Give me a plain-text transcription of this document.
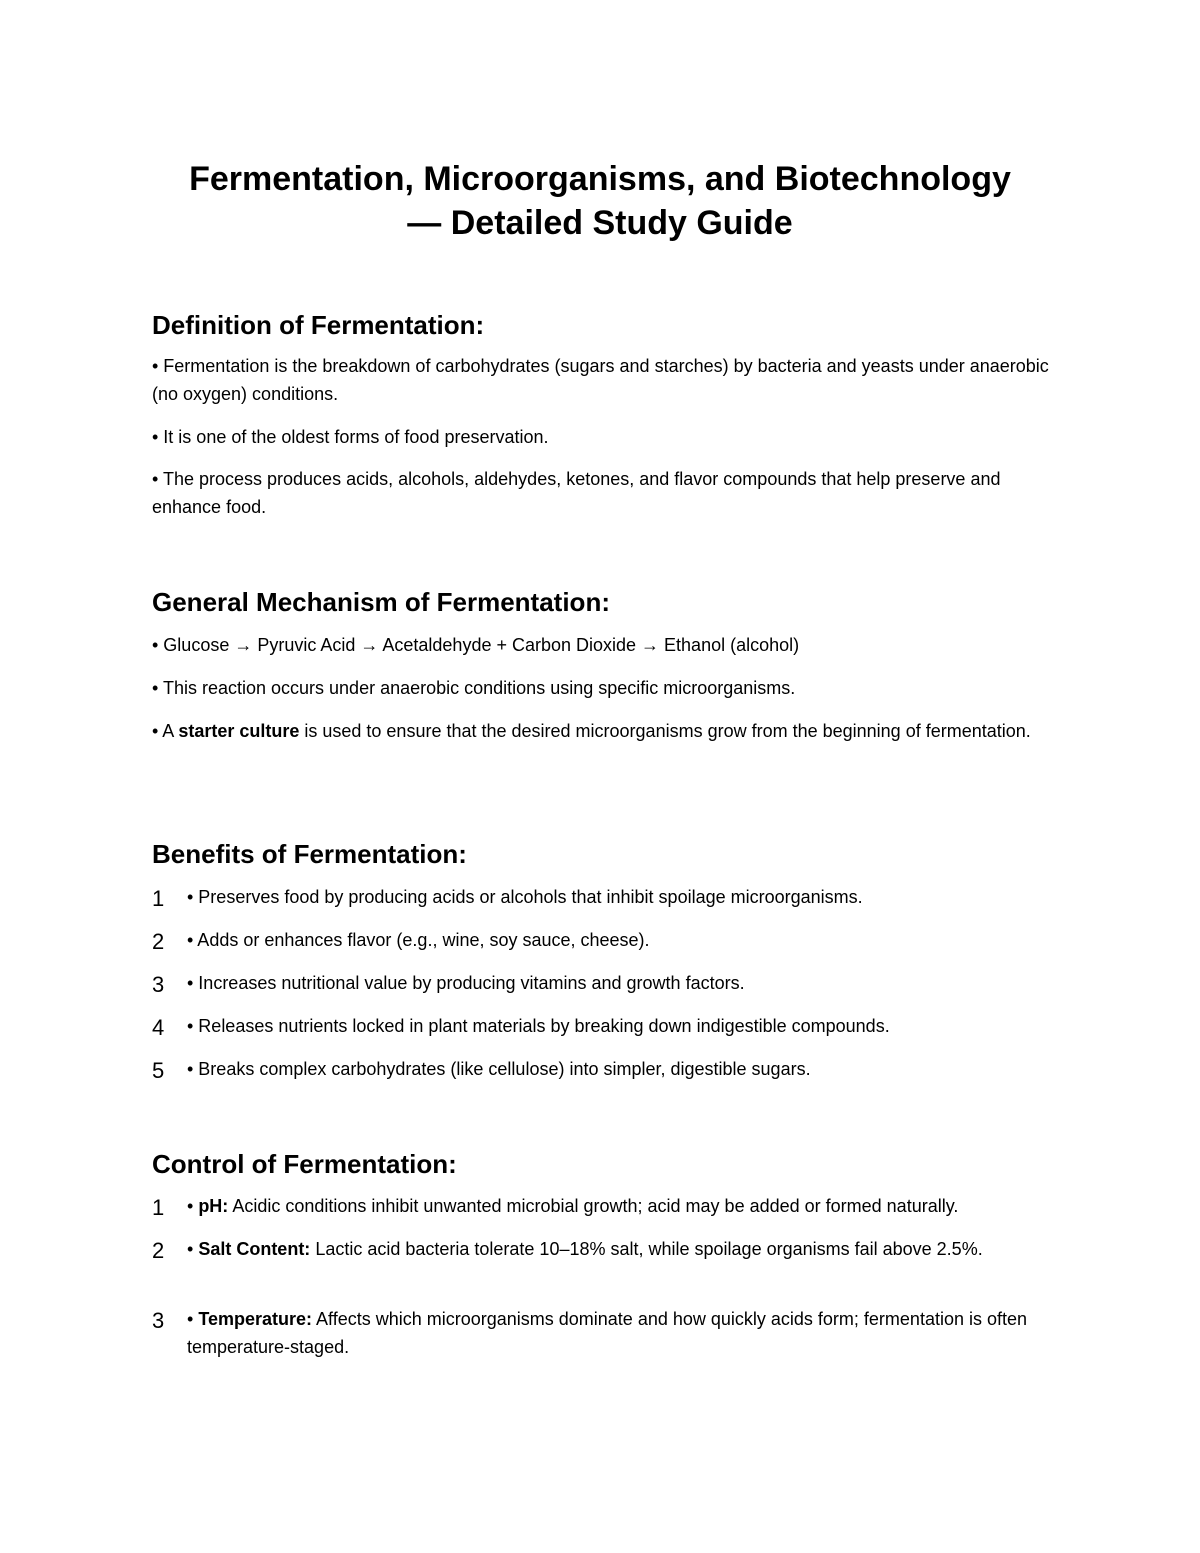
Fermentation, Microorganisms, and Biotechnology
— Detailed Study Guide
Definition of Fermentation:

• Fermentation is the breakdown of carbohydrates (sugars and starches) by bacteria and yeasts under anaerobic (no oxygen) conditions.

• It is one of the oldest forms of food preservation.

• The process produces acids, alcohols, aldehydes, ketones, and flavor compounds that help preserve and enhance food.

General Mechanism of Fermentation:

• Glucose → Pyruvic Acid → Acetaldehyde + Carbon Dioxide → Ethanol (alcohol)

• This reaction occurs under anaerobic conditions using specific microorganisms.

• A starter culture is used to ensure that the desired microorganisms grow from the beginning of fermentation.

Benefits of Fermentation:
1 • Preserves food by producing acids or alcohols that inhibit spoilage microorganisms.
2 • Adds or enhances flavor (e.g., wine, soy sauce, cheese).
3 • Increases nutritional value by producing vitamins and growth factors.
4 • Releases nutrients locked in plant materials by breaking down indigestible compounds.
5 • Breaks complex carbohydrates (like cellulose) into simpler, digestible sugars.
Control of Fermentation:
1 • pH: Acidic conditions inhibit unwanted microbial growth; acid may be added or formed naturally.
2 • Salt Content: Lactic acid bacteria tolerate 10–18% salt, while spoilage organisms fail above 2.5%.
3 • Temperature: Affects which microorganisms dominate and how quickly acids form; fermentation is often temperature-staged.
